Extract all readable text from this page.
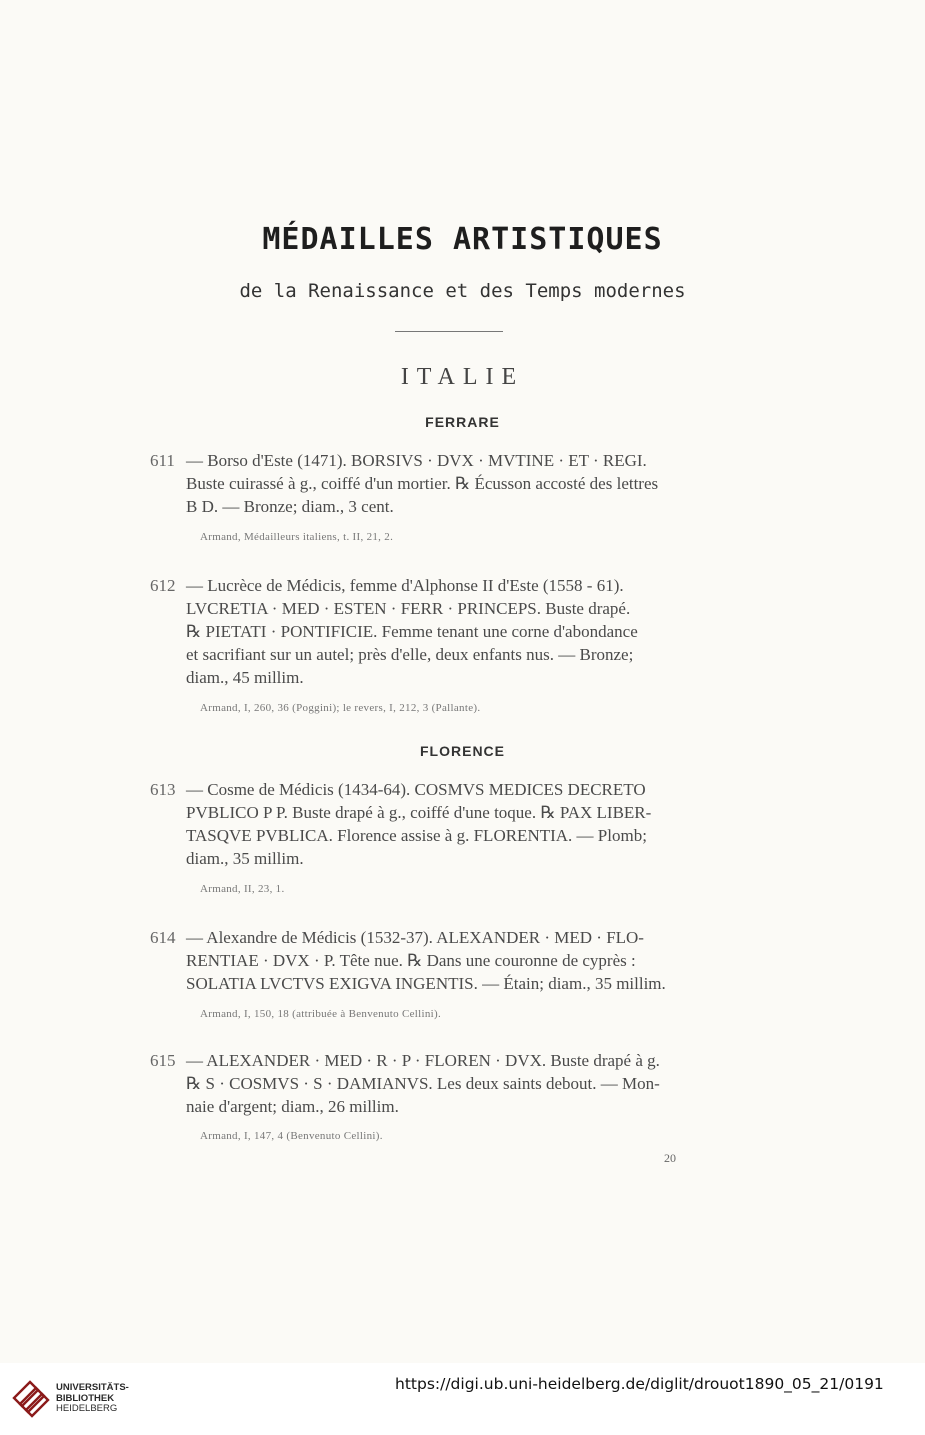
MÉDAILLES ARTISTIQUES
de la Renaissance et des Temps modernes
ITALIE
FERRARE
611 — Borso d'Este (1471). BORSIVS · DVX · MVTINE · ET · REGI.
Buste cuirassé à g., coiffé d'un mortier. ℞ Écusson accosté des lettres
B D. — Bronze; diam., 3 cent.
Armand, Médailleurs italiens, t. II, 21, 2.
612 — Lucrèce de Médicis, femme d'Alphonse II d'Este (1558 - 61).
LVCRETIA · MED · ESTEN · FERR · PRINCEPS. Buste drapé.
℞ PIETATI · PONTIFICIE. Femme tenant une corne d'abondance
et sacrifiant sur un autel; près d'elle, deux enfants nus. — Bronze;
diam., 45 millim.
Armand, I, 260, 36 (Poggini); le revers, I, 212, 3 (Pallante).
FLORENCE
613 — Cosme de Médicis (1434-64). COSMVS MEDICES DECRETO
PVBLICO P P. Buste drapé à g., coiffé d'une toque. ℞ PAX LIBER-
TASQVE PVBLICA. Florence assise à g. FLORENTIA. — Plomb;
diam., 35 millim.
Armand, II, 23, 1.
614 — Alexandre de Médicis (1532-37). ALEXANDER · MED · FLO-
RENTIAE · DVX · P. Tête nue. ℞ Dans une couronne de cyprès :
SOLATIA LVCTVS EXIGVA INGENTIS. — Étain; diam., 35 millim.
Armand, I, 150, 18 (attribuée à Benvenuto Cellini).
615 — ALEXANDER · MED · R · P · FLOREN · DVX. Buste drapé à g.
℞ S · COSMVS · S · DAMIANVS. Les deux saints debout. — Mon-
naie d'argent; diam., 26 millim.
Armand, I, 147, 4 (Benvenuto Cellini).
20
UNIVERSITÄTS-
BIBLIOTHEK
HEIDELBERG
https://digi.ub.uni-heidelberg.de/diglit/drouot1890_05_21/0191
